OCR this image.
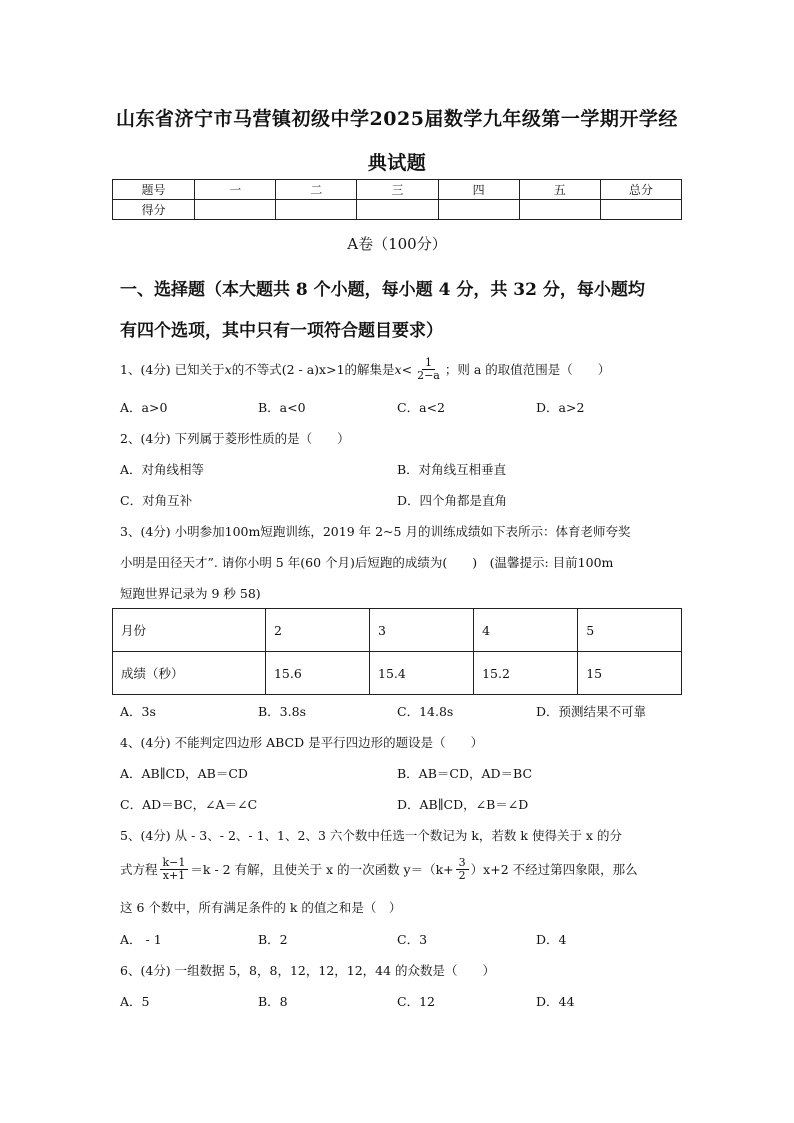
山东省济宁市马营镇初级中学2025届数学九年级第一学期开学经
典试题
题号	一	二	三	四	五	总分
得分						
A卷（100分）
一、选择题（本大题共 8 个小题，每小题 4 分，共 32 分，每小题均
有四个选项，其中只有一项符合题目要求）
1、(4分) 已知关于 x 的不等式 (2 - a)x>1 的解集是 $x< \frac{1}{2-a}$ ；则 a 的取值范围是（　　）
A．a>0	B．a<0	C．a<2	D．a>2
2、(4分) 下列属于菱形性质的是（　　）
A．对角线相等	B．对角线互相垂直
C．对角互补	D．四个角都是直角
3、(4分) 小明参加100m短跑训练，2019 年 2~5 月的训练成绩如下表所示：体育老师夸奖
小明是田径天才”. 请你小明 5 年(60 个月)后短跑的成绩为(　　)　(温馨提示: 目前100m
短跑世界记录为 9 秒 58)
月份	2	3	4	5
成绩（秒）	15.6	15.4	15.2	15
A．3s	B．3.8s	C．14.8s	D．预测结果不可靠
4、(4分) 不能判定四边形 ABCD 是平行四边形的题设是（　　）
A．AB∥CD，AB＝CD	B．AB＝CD，AD＝BC
C．AD＝BC，∠A＝∠C	D．AB∥CD，∠B＝∠D
5、(4分) 从 - 3、- 2、- 1、1、2、3 六个数中任选一个数记为 k，若数 k 使得关于 x 的分
式方程 $\frac{k-1}{x+1} =k - 2$ 有解，且使关于 x 的一次函数 $y=(k+ \frac{3}{2} )x+2$ 不经过第四象限，那么
这 6 个数中，所有满足条件的 k 的值之和是（　）
A． - 1	B．2	C．3	D．4
6、(4分) 一组数据 5，8，8，12，12，12，44 的众数是（　　）
A．5	B．8	C．12	D．44
